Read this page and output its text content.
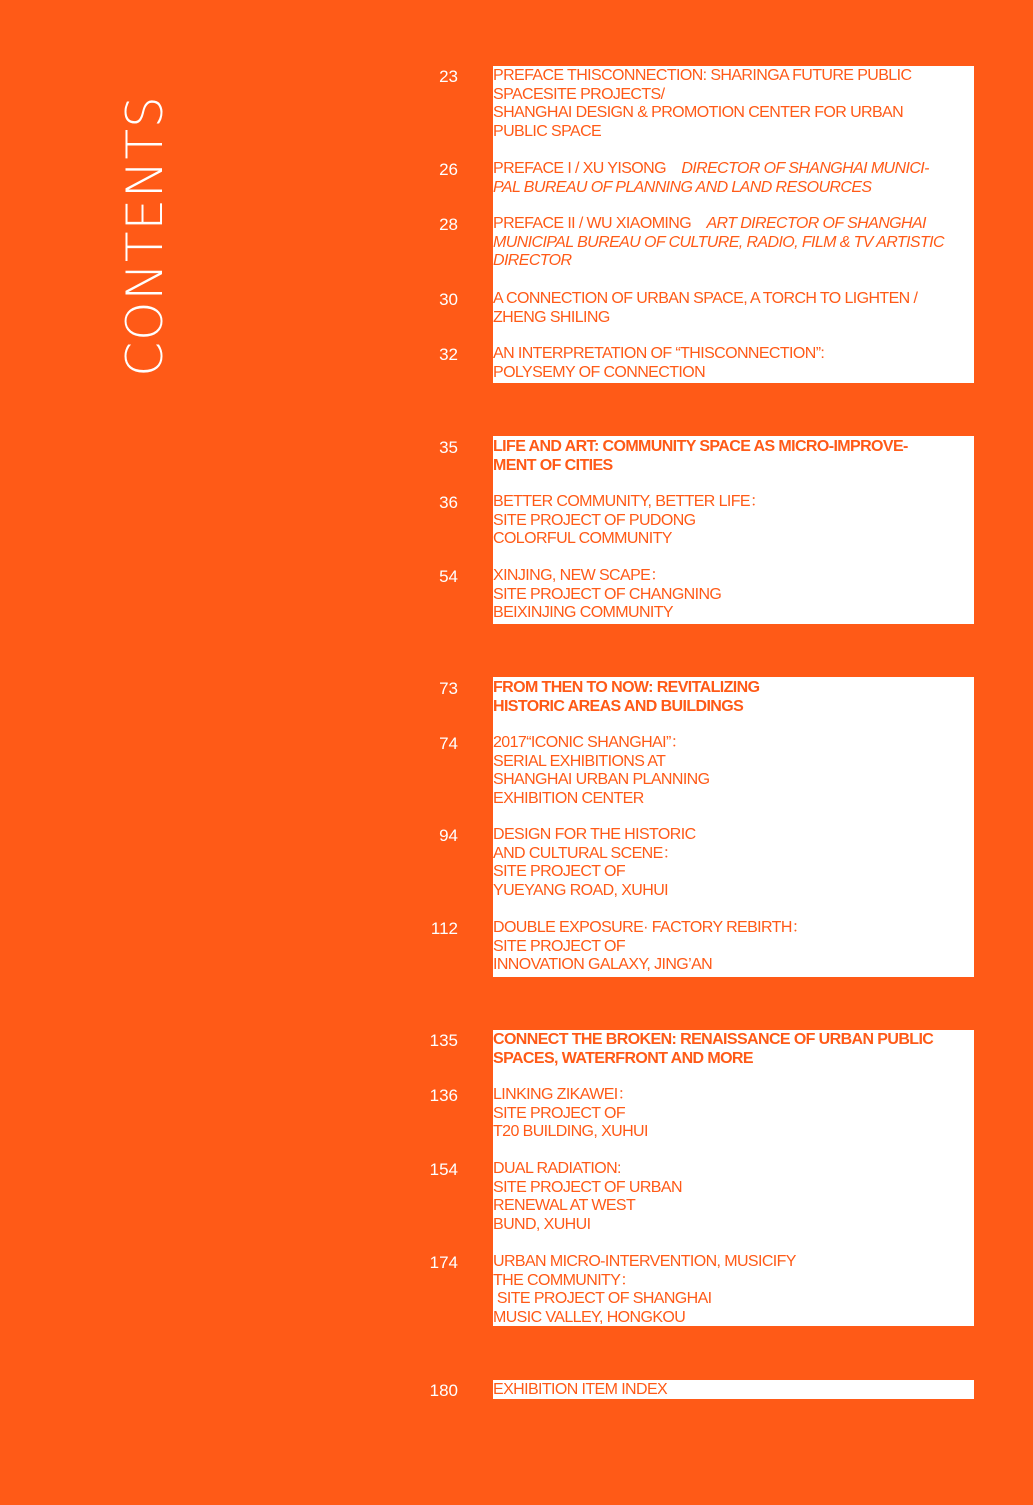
CONTENTS
23 PREFACE THISCONNECTION: SHARINGA FUTURE PUBLIC
SPACESITE PROJECTS/
SHANGHAI DESIGN & PROMOTION CENTER FOR URBAN
PUBLIC SPACE
26 PREFACE I / XU YISONG DIRECTOR OF SHANGHAI MUNICI-
PAL BUREAU OF PLANNING AND LAND RESOURCES
28 PREFACE II / WU XIAOMING ART DIRECTOR OF SHANGHAI
MUNICIPAL BUREAU OF CULTURE, RADIO, FILM & TV ARTISTIC
DIRECTOR
30 A CONNECTION OF URBAN SPACE, A TORCH TO LIGHTEN /
ZHENG SHILING
32 AN INTERPRETATION OF “THISCONNECTION”:
POLYSEMY OF CONNECTION
35 LIFE AND ART: COMMUNITY SPACE AS MICRO-IMPROVE-
MENT OF CITIES
36 BETTER COMMUNITY, BETTER LIFE：
SITE PROJECT OF PUDONG
COLORFUL COMMUNITY
54 XINJING, NEW SCAPE：
SITE PROJECT OF CHANGNING
BEIXINJING COMMUNITY
73 FROM THEN TO NOW: REVITALIZING
HISTORIC AREAS AND BUILDINGS
74 2017“ICONIC SHANGHAI”：
SERIAL EXHIBITIONS AT
SHANGHAI URBAN PLANNING
EXHIBITION CENTER
94 DESIGN FOR THE HISTORIC
AND CULTURAL SCENE：
SITE PROJECT OF
YUEYANG ROAD, XUHUI
112 DOUBLE EXPOSURE· FACTORY REBIRTH：
SITE PROJECT OF
INNOVATION GALAXY, JING’AN
135 CONNECT THE BROKEN: RENAISSANCE OF URBAN PUBLIC
SPACES, WATERFRONT AND MORE
136 LINKING ZIKAWEI：
SITE PROJECT OF
T20 BUILDING, XUHUI
154 DUAL RADIATION:
SITE PROJECT OF URBAN
RENEWAL AT WEST
BUND, XUHUI
174 URBAN MICRO-INTERVENTION, MUSICIFY
THE COMMUNITY：
SITE PROJECT OF SHANGHAI
MUSIC VALLEY, HONGKOU
180 EXHIBITION ITEM INDEX
